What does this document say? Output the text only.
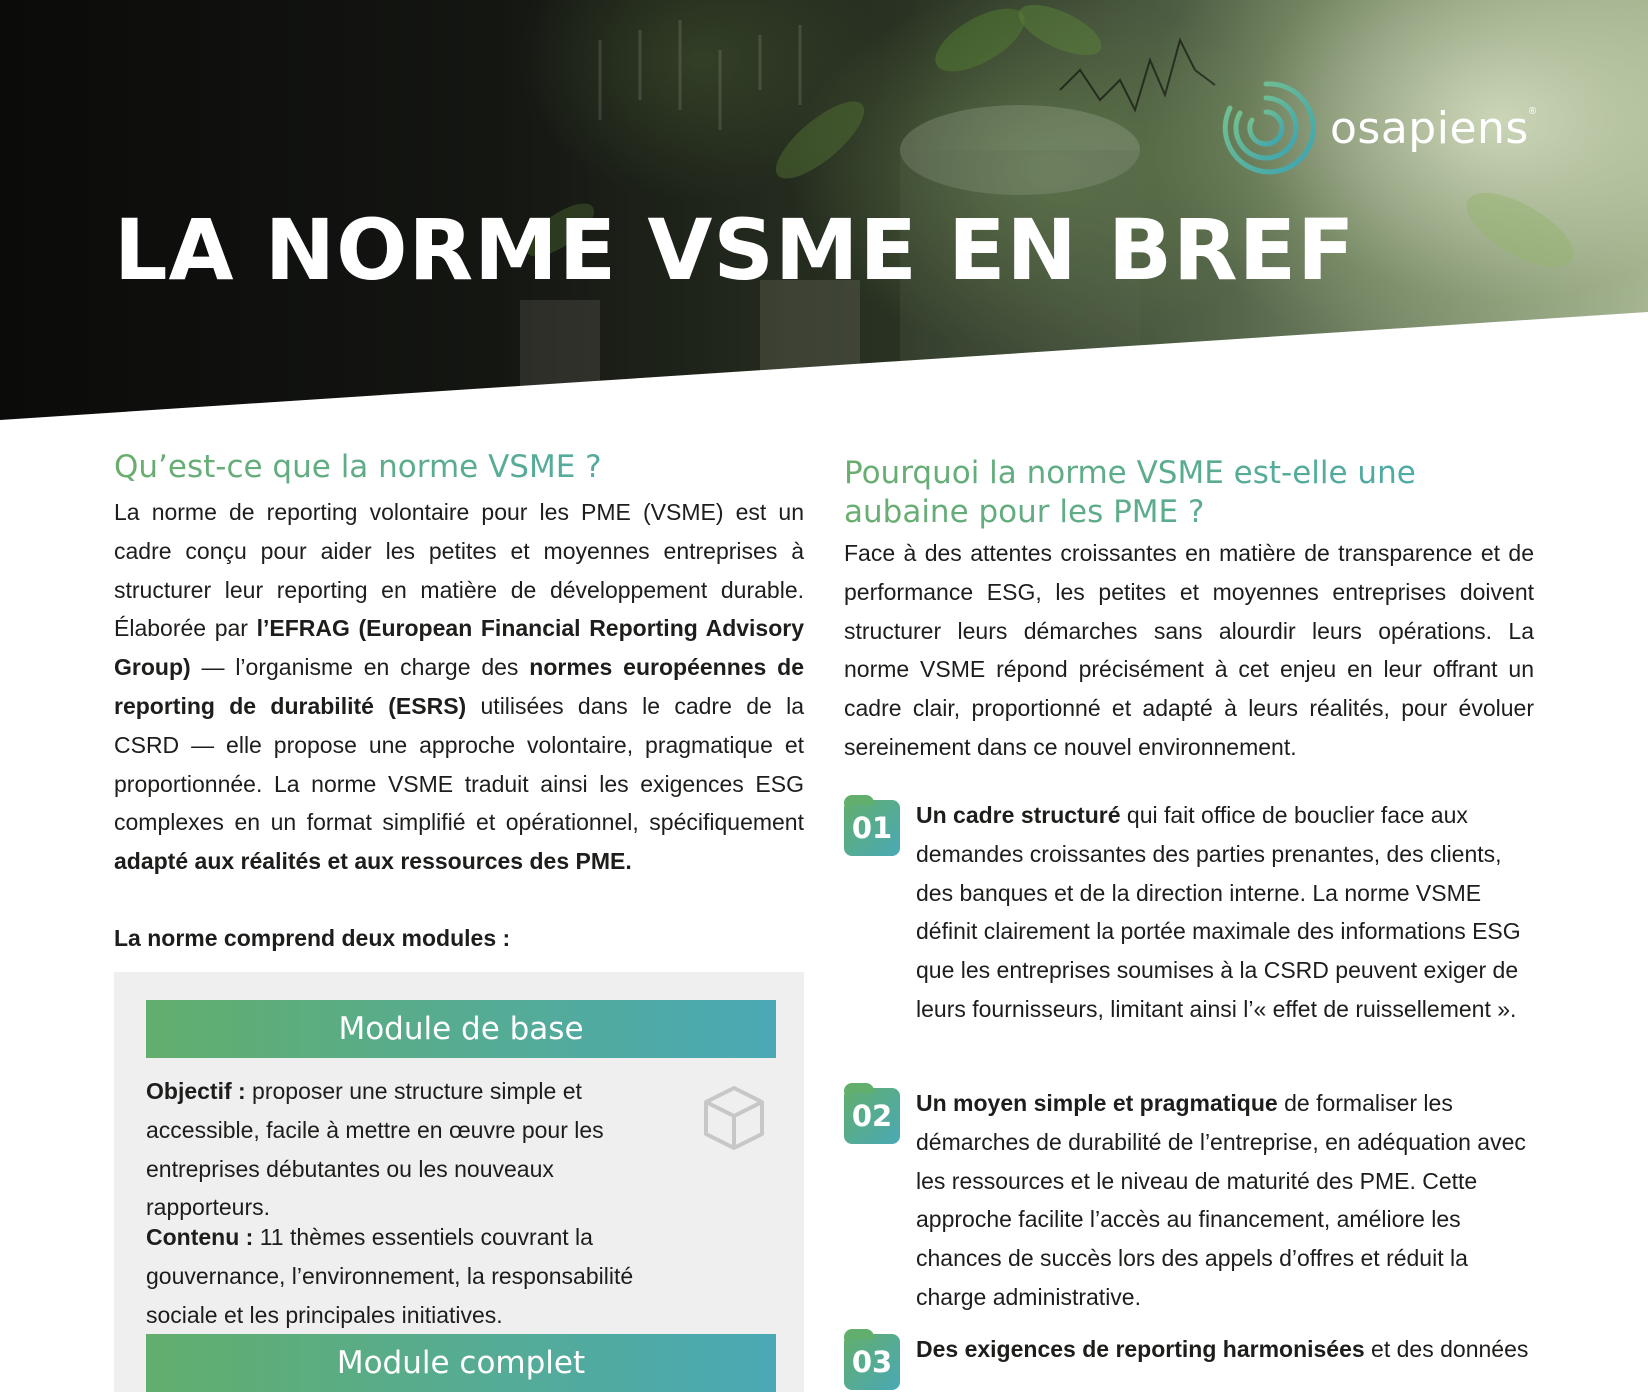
osapiens ®
LA NORME VSME EN BREF
Qu’est-ce que la norme VSME ?

La norme de reporting volontaire pour les PME (VSME) est un cadre conçu pour aider les petites et moyennes entreprises à structurer leur reporting en matière de développement durable. Élaborée par l’EFRAG (European Financial Reporting Advisory Group) — l’organisme en charge des normes européennes de reporting de durabilité (ESRS) utilisées dans le cadre de la CSRD — elle propose une approche volontaire, pragmatique et proportionnée. La norme VSME traduit ainsi les exigences ESG complexes en un format simplifié et opérationnel, spécifiquement adapté aux réalités et aux ressources des PME.

La norme comprend deux modules :

Module de base

Objectif : proposer une structure simple et accessible, facile à mettre en œuvre pour les entreprises débutantes ou les nouveaux rapporteurs.

Contenu : 11 thèmes essentiels couvrant la gouvernance, l’environnement, la responsabilité sociale et les principales initiatives.

Module complet
Pourquoi la norme VSME est-elle une aubaine pour les PME ?

Face à des attentes croissantes en matière de transparence et de performance ESG, les petites et moyennes entreprises doivent structurer leurs démarches sans alourdir leurs opérations. La norme VSME répond précisément à cet enjeu en leur offrant un cadre clair, proportionné et adapté à leurs réalités, pour évoluer sereinement dans ce nouvel environnement.

01	Un cadre structuré qui fait office de bouclier face aux demandes croissantes des parties prenantes, des clients, des banques et de la direction interne. La norme VSME définit clairement la portée maximale des informations ESG que les entreprises soumises à la CSRD peuvent exiger de leurs fournisseurs, limitant ainsi l’« effet de ruissellement ».

02	Un moyen simple et pragmatique de formaliser les démarches de durabilité de l’entreprise, en adéquation avec les ressources et le niveau de maturité des PME. Cette approche facilite l’accès au financement, améliore les chances de succès lors des appels d’offres et réduit la charge administrative.

03	Des exigences de reporting harmonisées et des données
